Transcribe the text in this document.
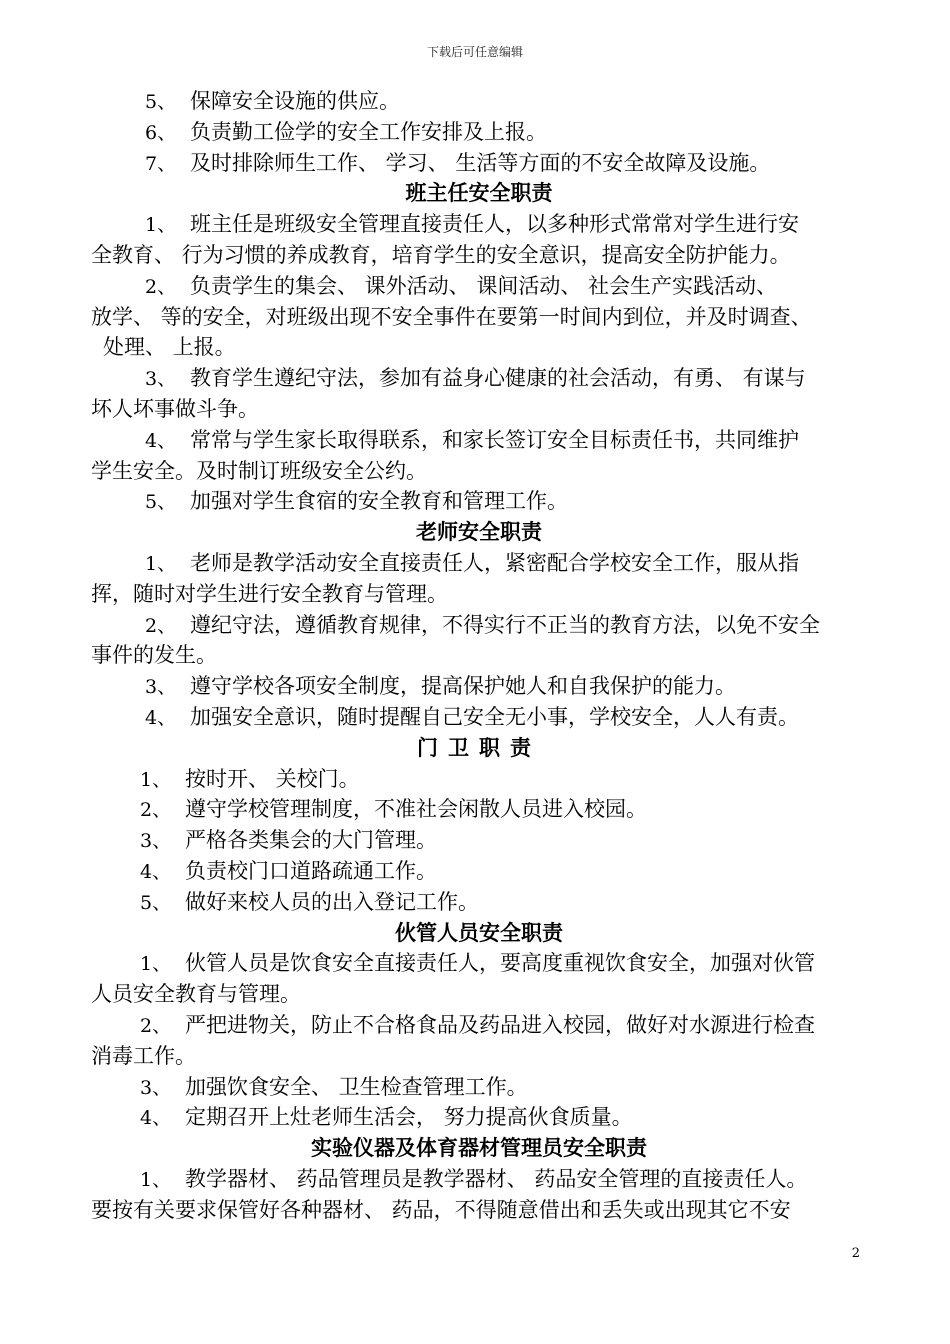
下载后可任意编辑
5、 保障安全设施的供应。
6、 负责勤工俭学的安全工作安排及上报。
7、 及时排除师生工作、 学习、 生活等方面的不安全故障及设施。
班主任安全职责
1、 班主任是班级安全管理直接责任人，以多种形式常常对学生进行安
全教育、 行为习惯的养成教育，培育学生的安全意识，提高安全防护能力。
2、 负责学生的集会、 课外活动、 课间活动、 社会生产实践活动、
放学、 等的安全，对班级出现不安全事件在要第一时间内到位，并及时调查、
处理、 上报。
3、 教育学生遵纪守法，参加有益身心健康的社会活动，有勇、 有谋与
坏人坏事做斗争。
4、 常常与学生家长取得联系，和家长签订安全目标责任书，共同维护
学生安全。及时制订班级安全公约。
5、 加强对学生食宿的安全教育和管理工作。
老师安全职责
1、 老师是教学活动安全直接责任人，紧密配合学校安全工作，服从指
挥，随时对学生进行安全教育与管理。
2、 遵纪守法，遵循教育规律，不得实行不正当的教育方法，以免不安全
事件的发生。
3、 遵守学校各项安全制度，提高保护她人和自我保护的能力。
4、 加强安全意识，随时提醒自己安全无小事，学校安全，人人有责。
门卫职责
1、 按时开、 关校门。
2、 遵守学校管理制度，不准社会闲散人员进入校园。
3、 严格各类集会的大门管理。
4、 负责校门口道路疏通工作。
5、 做好来校人员的出入登记工作。
伙管人员安全职责
1、 伙管人员是饮食安全直接责任人，要高度重视饮食安全，加强对伙管
人员安全教育与管理。
2、 严把进物关，防止不合格食品及药品进入校园，做好对水源进行检查
消毒工作。
3、 加强饮食安全、 卫生检查管理工作。
4、 定期召开上灶老师生活会， 努力提高伙食质量。
实验仪器及体育器材管理员安全职责
1、 教学器材、 药品管理员是教学器材、 药品安全管理的直接责任人。
要按有关要求保管好各种器材、 药品，不得随意借出和丢失或出现其它不安
2
